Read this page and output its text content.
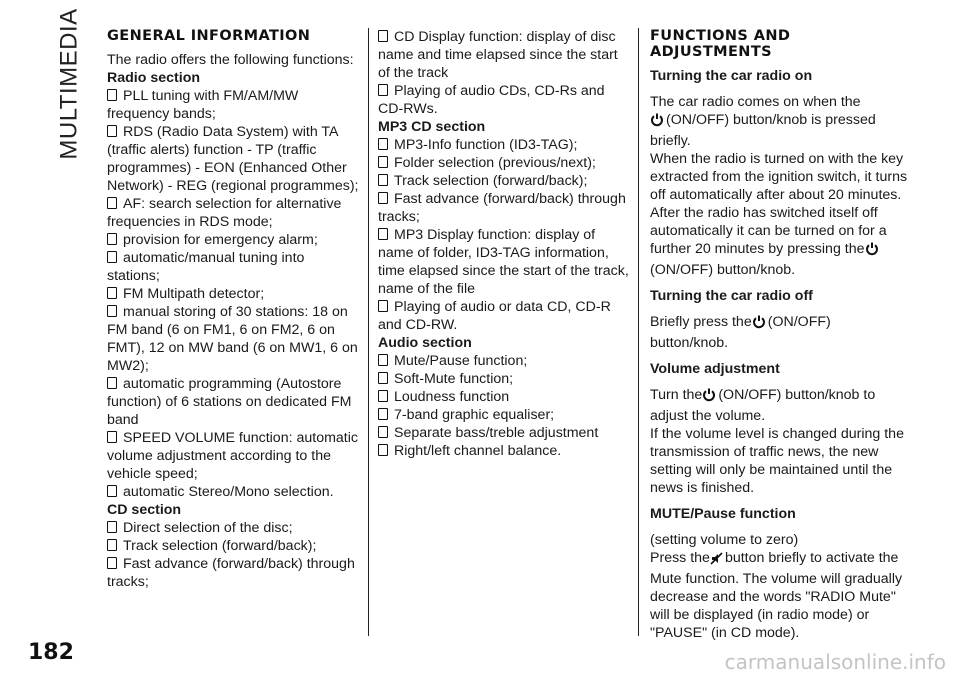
MULTIMEDIA GENERAL INFORMATION

The radio offers the following functions:

Radio section

PLL tuning with FM/AM/MW frequency bands;

RDS (Radio Data System) with TA (traffic alerts) function - TP (traffic programmes) - EON (Enhanced Other Network) - REG (regional programmes);

AF: search selection for alternative frequencies in RDS mode;

provision for emergency alarm;

automatic/manual tuning into stations;

FM Multipath detector;

manual storing of 30 stations: 18 on FM band (6 on FM1, 6 on FM2, 6 on FMT), 12 on MW band (6 on MW1, 6 on MW2);

automatic programming (Autostore function) of 6 stations on dedicated FM band

SPEED VOLUME function: automatic volume adjustment according to the vehicle speed;

automatic Stereo/Mono selection.

CD section

Direct selection of the disc;

Track selection (forward/back);

Fast advance (forward/back) through tracks;

CD Display function: display of disc name and time elapsed since the start of the track

Playing of audio CDs, CD-Rs and CD-RWs.

MP3 CD section

MP3-Info function (ID3-TAG);

Folder selection (previous/next);

Track selection (forward/back);

Fast advance (forward/back) through tracks;

MP3 Display function: display of name of folder, ID3-TAG information, time elapsed since the start of the track, name of the file

Playing of audio or data CD, CD-R and CD-RW.

Audio section

Mute/Pause function;

Soft-Mute function;

Loudness function

7-band graphic equaliser;

Separate bass/treble adjustment

Right/left channel balance.

FUNCTIONS AND ADJUSTMENTS

Turning the car radio on

The car radio comes on when the
(ON/OFF) button/knob is pressed briefly.

When the radio is turned on with the key extracted from the ignition switch, it turns off automatically after about 20 minutes. After the radio has switched itself off automatically it can be turned on for a further 20 minutes by pressing the(ON/OFF) button/knob.

Turning the car radio off

Briefly press the (ON/OFF) button/knob.

Volume adjustment

Turn the (ON/OFF) button/knob to adjust the volume.

If the volume level is changed during the transmission of traffic news, the new setting will only be maintained until the news is finished.

MUTE/Pause function

(setting volume to zero)

Press the button briefly to activate the Mute function. The volume will gradually decrease and the words "RADIO Mute" will be displayed (in radio mode) or "PAUSE" (in CD mode).

182	carmanualsonline.info
